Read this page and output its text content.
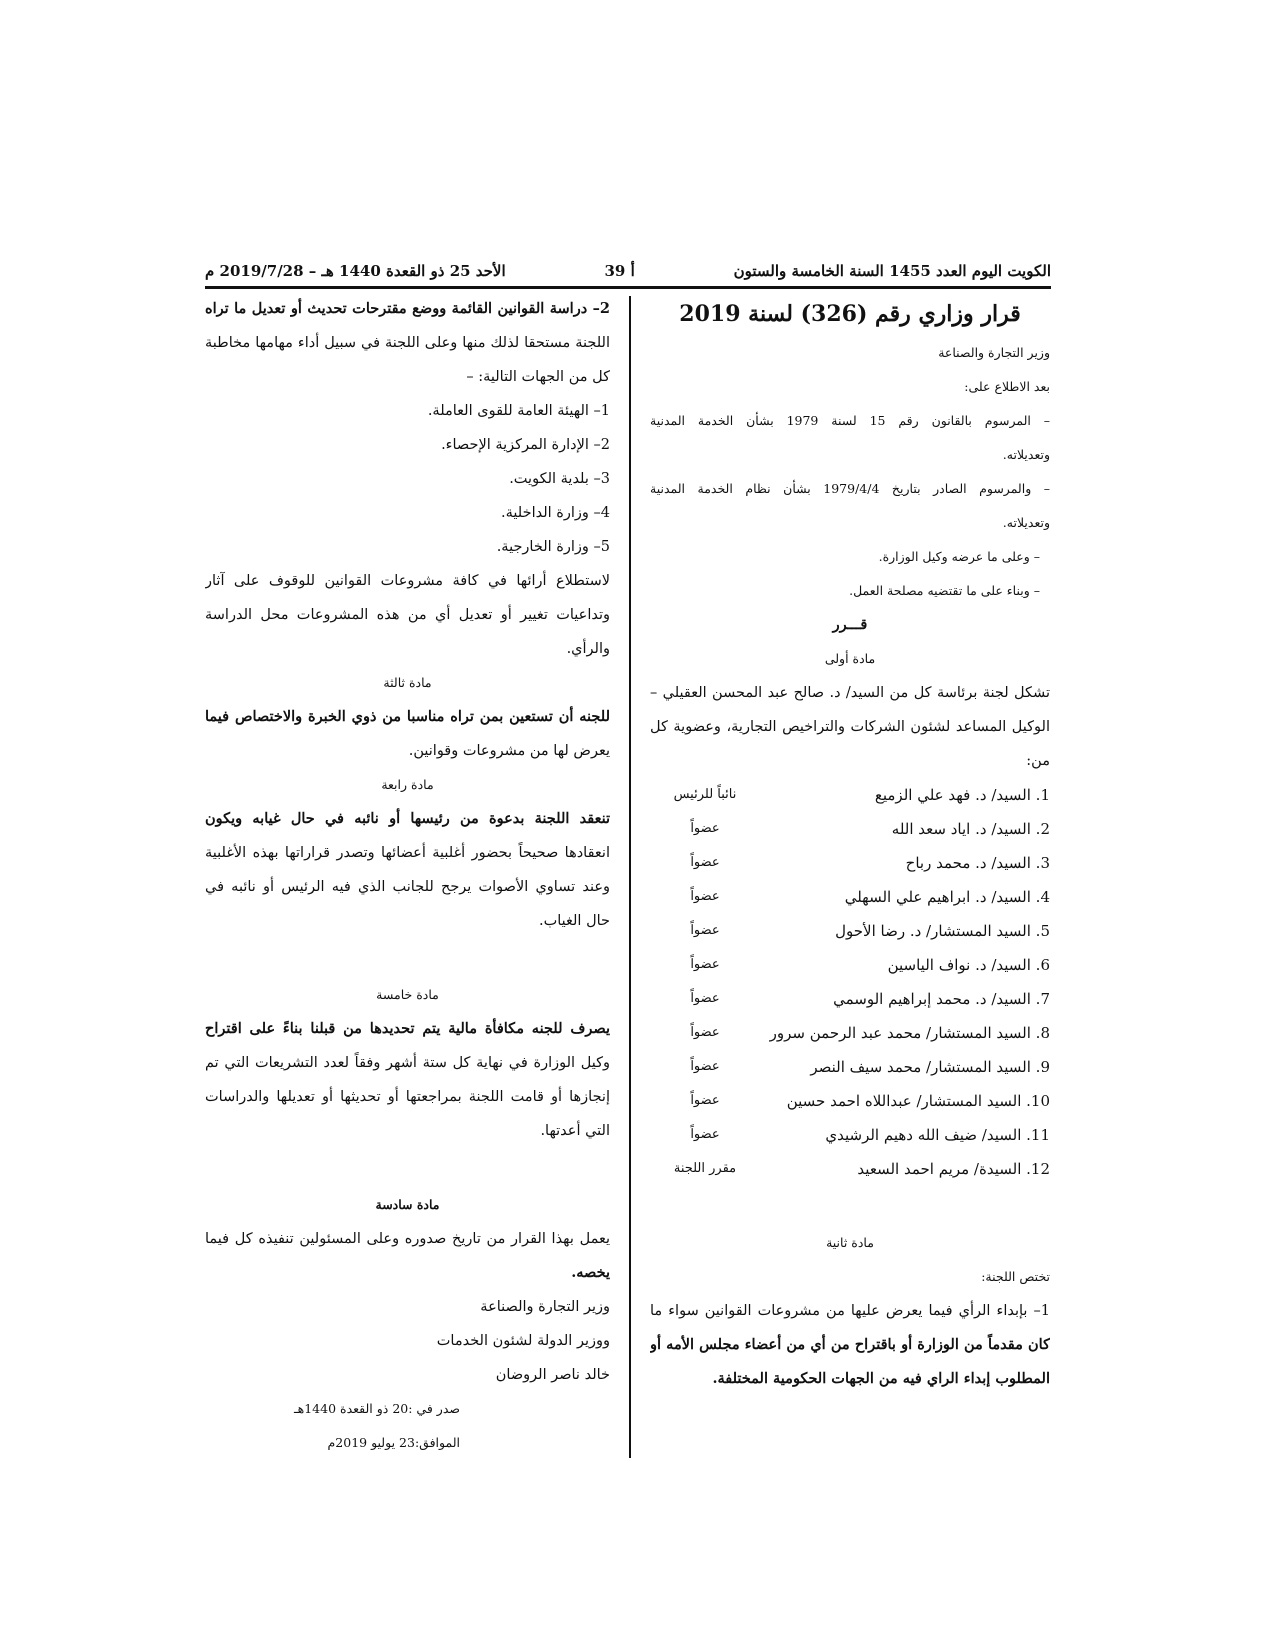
الكويت اليوم العدد 1455 السنة الخامسة والستون
أ 39
الأحد 25 ذو القعدة 1440 هـ – 2019/7/28 م
قرار وزاري رقم (326) لسنة 2019
وزير التجارة والصناعة
بعد الاطلاع على:
– المرسوم بالقانون رقم 15 لسنة 1979 بشأن الخدمة المدنية
وتعديلاته.
– والمرسوم الصادر بتاريخ 1979/4/4 بشأن نظام الخدمة المدنية
وتعديلاته.
– وعلى ما عرضه وكيل الوزارة.
– وبناء على ما تقتضيه مصلحة العمل.
قـــرر
مادة أولى
تشكل لجنة برئاسة كل من السيد/ د. صالح عبد المحسن العقيلي –
الوكيل المساعد لشئون الشركات والتراخيص التجارية، وعضوية كل
من:
1. السيد/ د. فهد علي الزميع
نائباً للرئيس
2. السيد/ د. اياد سعد الله
عضواً
3. السيد/ د. محمد رباح
عضواً
4. السيد/ د. ابراهيم علي السهلي
عضواً
5. السيد المستشار/ د. رضا الأحول
عضواً
6. السيد/ د. نواف الياسين
عضواً
7. السيد/ د. محمد إبراهيم الوسمي
عضواً
8. السيد المستشار/ محمد عبد الرحمن سرور
عضواً
9. السيد المستشار/ محمد سيف النصر
عضواً
10. السيد المستشار/ عبداللاه احمد حسين
عضواً
11. السيد/ ضيف الله دهيم الرشيدي
عضواً
12. السيدة/ مريم احمد السعيد
مقرر اللجنة
مادة ثانية
تختص اللجنة:
1– بإبداء الرأي فيما يعرض عليها من مشروعات القوانين سواء ما
كان مقدماً من الوزارة أو باقتراح من أي من أعضاء مجلس الأمه أو
المطلوب إبداء الراي فيه من الجهات الحكومية المختلفة.
2– دراسة القوانين القائمة ووضع مقترحات تحديث أو تعديل ما تراه
اللجنة مستحقا لذلك منها وعلى اللجنة في سبيل أداء مهامها مخاطبة
كل من الجهات التالية: –
1– الهيئة العامة للقوى العاملة.
2– الإدارة المركزية الإحصاء.
3– بلدية الكويت.
4– وزارة الداخلية.
5– وزارة الخارجية.
لاستطلاع أرائها في كافة مشروعات القوانين للوقوف على آثار
وتداعيات تغيير أو تعديل أي من هذه المشروعات محل الدراسة
والرأي.
مادة ثالثة
للجنه أن تستعين بمن تراه مناسبا من ذوي الخبرة والاختصاص فيما
يعرض لها من مشروعات وقوانين.
مادة رابعة
تنعقد اللجنة بدعوة من رئيسها أو نائبه في حال غيابه ويكون
انعقادها صحيحاً بحضور أغلبية أعضائها وتصدر قراراتها بهذه الأغلبية
وعند تساوي الأصوات يرجح للجانب الذي فيه الرئيس أو نائبه في
حال الغياب.
مادة خامسة
يصرف للجنه مكافأة مالية يتم تحديدها من قبلنا بناءً على اقتراح
وكيل الوزارة في نهاية كل ستة أشهر وفقاً لعدد التشريعات التي تم
إنجازها أو قامت اللجنة بمراجعتها أو تحديثها أو تعديلها والدراسات
التي أعدتها.
مادة سادسة
يعمل بهذا القرار من تاريخ صدوره وعلى المسئولين تنفيذه كل فيما
يخصه.
وزير التجارة والصناعة
ووزير الدولة لشئون الخدمات
خالد ناصر الروضان
صدر في :20 ذو القعدة 1440هـ
الموافق:23 يوليو 2019م
